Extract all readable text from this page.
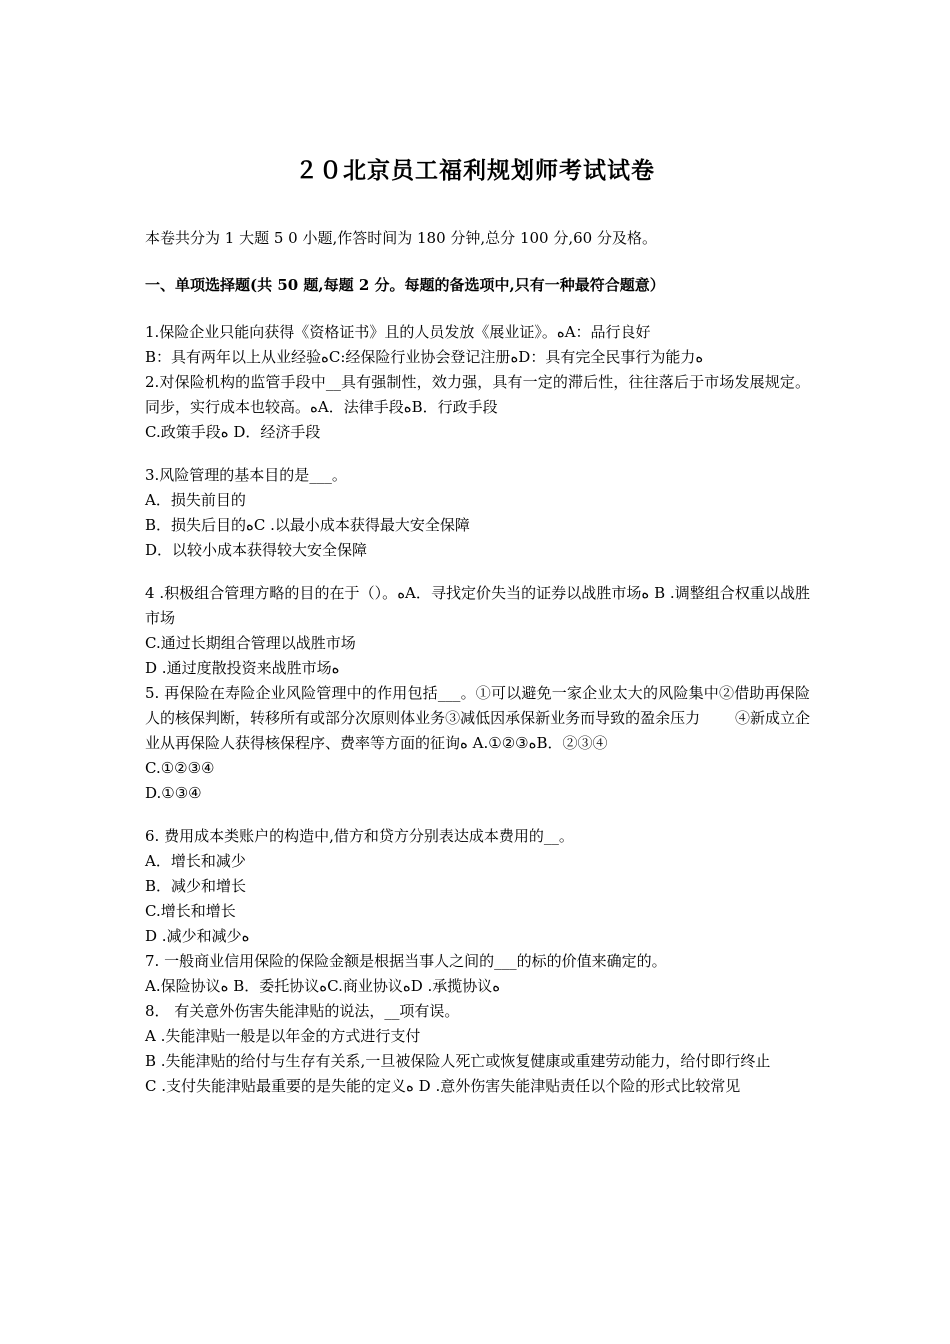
２０北京员工福利规划师考试试卷
本卷共分为 1 大题 5 0 小题,作答时间为 180 分钟,总分 100 分,60 分及格。
一、单项选择题(共 50 题,每题 2 分。每题的备选项中,只有一种最符合题意）
1.保险企业只能向获得《资格证书》且的人员发放《展业证》。ﻩA：品行良好
B：具有两年以上从业经验ﻩC:经保险行业协会登记注册ﻩD：具有完全民事行为能力ﻩ
2.对保险机构的监管手段中__具有强制性，效力强，具有一定的滞后性，往往落后于市场发展规定。同步，实行成本也较高。ﻩA．法律手段ﻩB．行政手段
C.政策手段ﻩ D．经济手段
3.风险管理的基本目的是___。
A．损失前目的
B．损失后目的ﻩC .以最小成本获得最大安全保障
D．以较小成本获得较大安全保障
4 .积极组合管理方略的目的在于（）。ﻩA．寻找定价失当的证券以战胜市场ﻩ B .调整组合权重以战胜市场
C.通过长期组合管理以战胜市场
D .通过度散投资来战胜市场ﻩ
5. 再保险在寿险企业风险管理中的作用包括___。①可以避免一家企业太大的风险集中②借助再保险人的核保判断，转移所有或部分次原则体业务③减低因承保新业务而导致的盈余压力　　 ④新成立企业从再保险人获得核保程序、费率等方面的征询ﻩ A.①②③ﻩB．②③④
C.①②③④
D.①③④
6. 费用成本类账户的构造中,借方和贷方分别表达成本费用的__。
A．增长和减少
B．减少和增长
C.增长和增长
D .减少和减少ﻩ
7. 一般商业信用保险的保险金额是根据当事人之间的___的标的价值来确定的。
A.保险协议ﻩ B．委托协议ﻩC.商业协议ﻩD .承揽协议ﻩ
8． 有关意外伤害失能津贴的说法，__项有误。
A .失能津贴一般是以年金的方式进行支付
B .失能津贴的给付与生存有关系,一旦被保险人死亡或恢复健康或重建劳动能力，给付即行终止
C .支付失能津贴最重要的是失能的定义ﻩ D .意外伤害失能津贴责任以个险的形式比较常见
